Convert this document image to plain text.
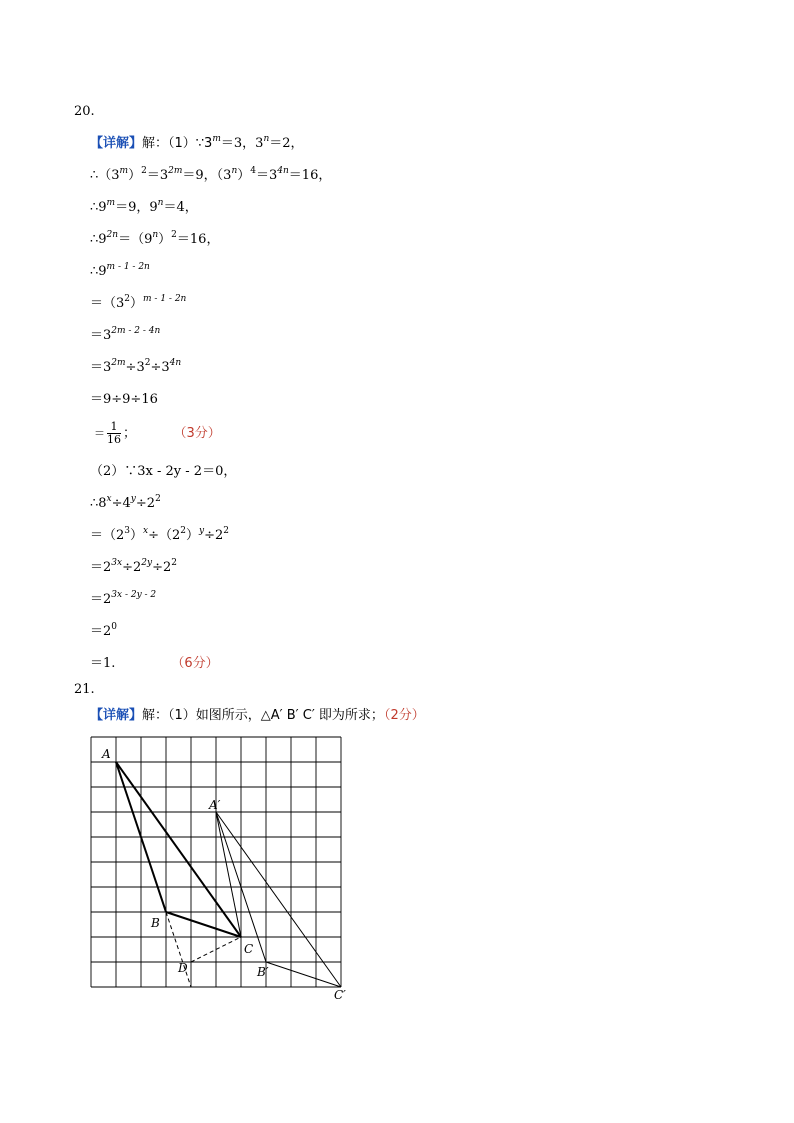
20.
【详解】解：$(1)\because 3^m=3$，$3^n=2$，
$\therefore(3^m)^2=3^{2m}=9$，$(3^n)^4=3^{4n}=16$，
$\therefore 9^m=9$，$9^n=4$，
$\therefore 9^{2n}=(9^n)^2=16$，
$\therefore 9^{m - 1 - 2n}$
$=(3^2)^{m - 1 - 2n}$
$=3^{2m - 2 - 4n}$
$=3^{2m}\div 3^2\div 3^{4n}$
＝9÷9÷16
＝ $\frac{1}{16}$ ；	（3分）
（2）∵3x - 2y - 2＝0，
$\therefore 8^x\div 4^y\div 2^2$
$=(2^3)^x\div(2^2)^y\div 2^2$
$=2^{3x}\div 2^{2y}\div 2^2$
$=2^{3x - 2y - 2}$
$=2^0$
＝1.	（6分）
21.
【详解】解：（1）如图所示，△A′ B′ C′ 即为所求；（2分）
A
B
C
D
A′
B′
C′
